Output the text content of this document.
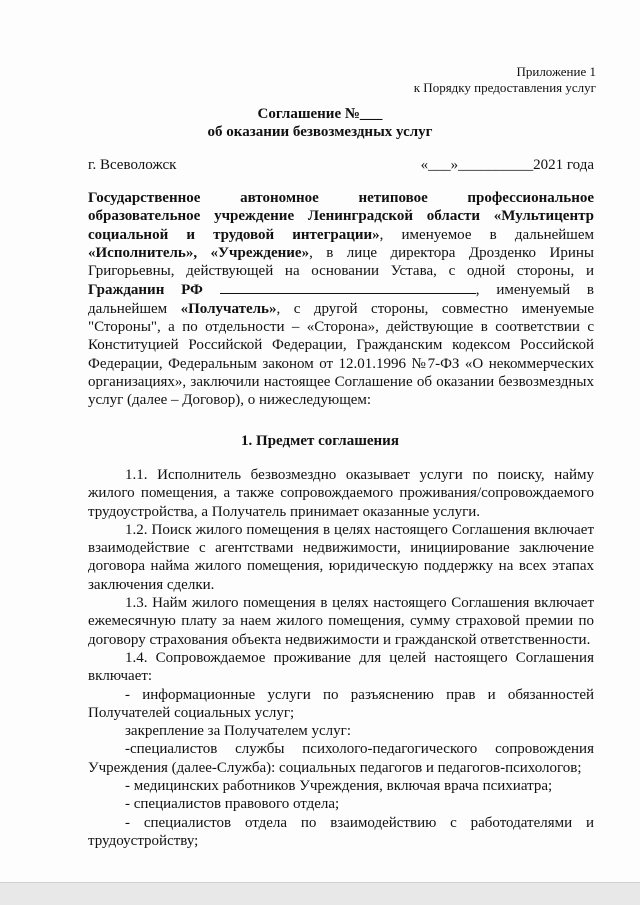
Приложение 1
к Порядку предоставления услуг
Соглашение №___
об оказании безвозмездных услуг
г. Всеволожск	«___»__________2021 года

Государственное автономное нетиповое профессиональное образовательное учреждение Ленинградской области «Мультицентр социальной и трудовой интеграции», именуемое в дальнейшем «Исполнитель», «Учреждение», в лице директора Дрозденко Ирины Григорьевны, действующей на основании Устава, с одной стороны, и Гражданин РФ	, именуемый в дальнейшем «Получатель», с другой стороны, совместно именуемые "Стороны", а по отдельности – «Сторона», действующие в соответствии с Конституцией Российской Федерации, Гражданским кодексом Российской Федерации, Федеральным законом от 12.01.1996 №7-ФЗ «О некоммерческих организациях», заключили настоящее Соглашение об оказании безвозмездных услуг (далее – Договор), о нижеследующем:

1. Предмет соглашения

1.1. Исполнитель безвозмездно оказывает услуги по поиску, найму жилого помещения, а также сопровождаемого проживания/сопровождаемого трудоустройства, а Получатель принимает оказанные услуги.

1.2. Поиск жилого помещения в целях настоящего Соглашения включает взаимодействие с агентствами недвижимости, инициирование заключение договора найма жилого помещения, юридическую поддержку на всех этапах заключения сделки.

1.3. Найм жилого помещения в целях настоящего Соглашения включает ежемесячную плату за наем жилого помещения, сумму страховой премии по договору страхования объекта недвижимости и гражданской ответственности.

1.4. Сопровождаемое проживание для целей настоящего Соглашения включает:

- информационные услуги по разъяснению прав и обязанностей Получателей социальных услуг;

закрепление за Получателем услуг:

-специалистов службы психолого-педагогического сопровождения Учреждения (далее-Служба): социальных педагогов и педагогов-психологов;

- медицинских работников Учреждения, включая врача психиатра;

- специалистов правового отдела;

- специалистов отдела по взаимодействию с работодателями и трудоустройству;
